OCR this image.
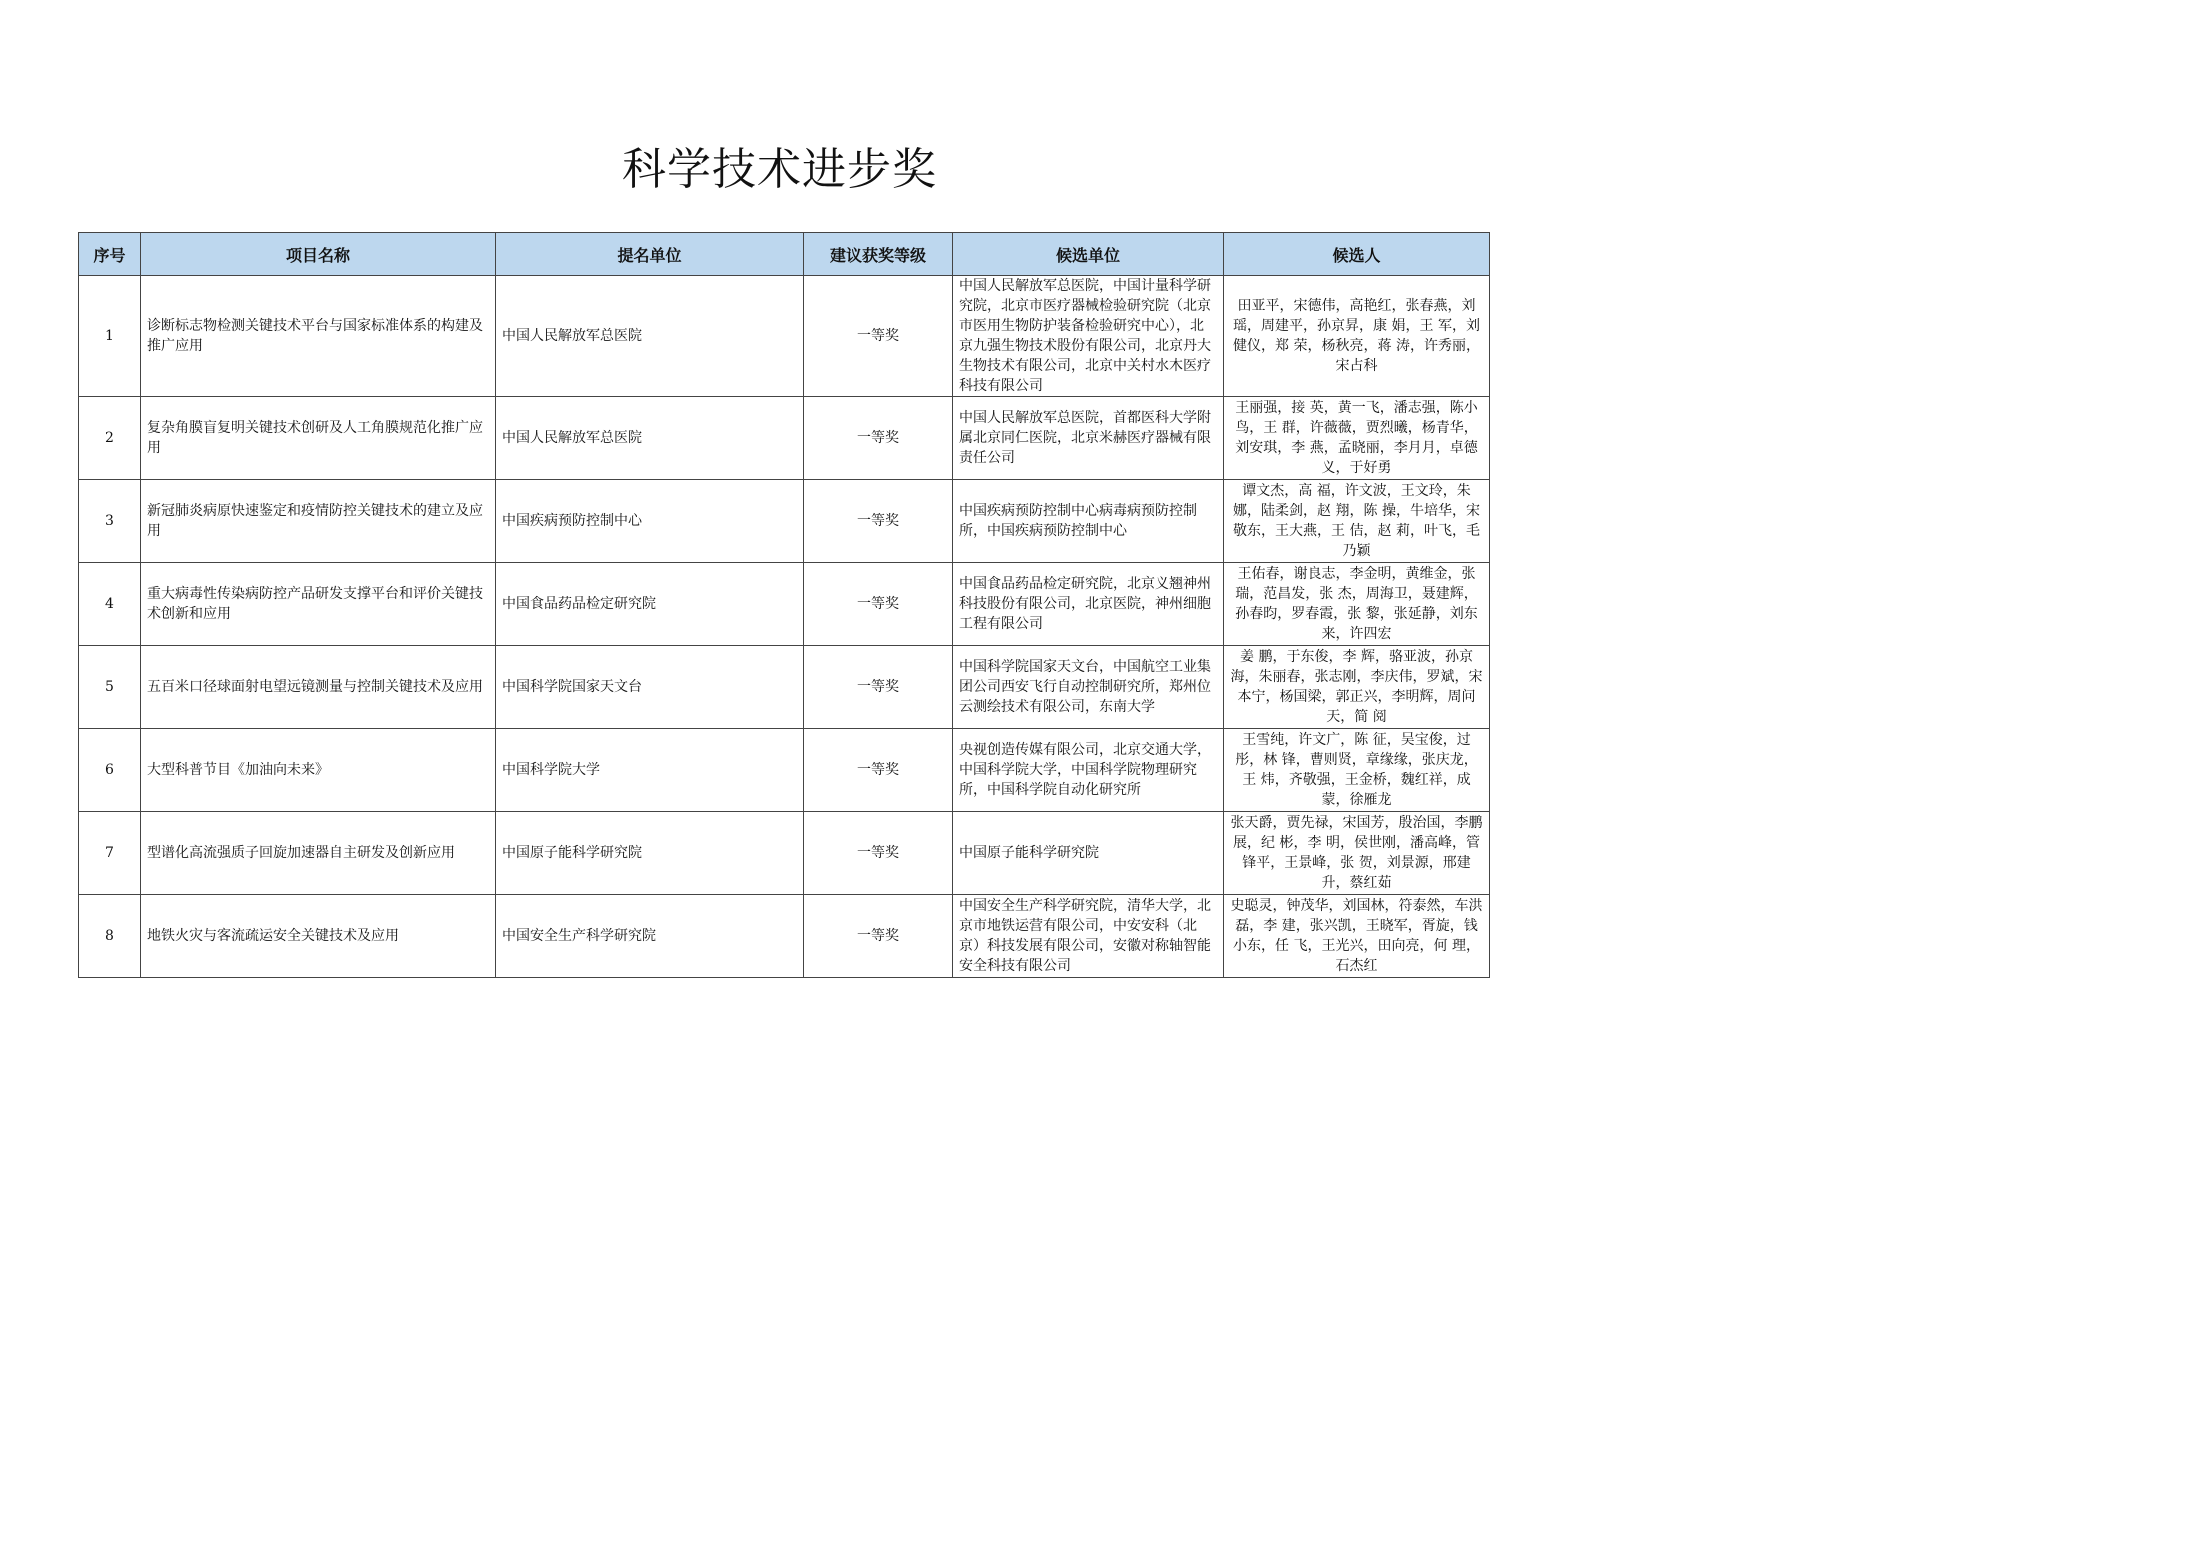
科学技术进步奖
序号	项目名称	提名单位	建议获奖等级	候选单位	候选人
1	诊断标志物检测关键技术平台与国家标准体系的构建及推广应用	中国人民解放军总医院	一等奖	中国人民解放军总医院，中国计量科学研究院，北京市医疗器械检验研究院（北京市医用生物防护装备检验研究中心），北京九强生物技术股份有限公司，北京丹大生物技术有限公司，北京中关村水木医疗科技有限公司	田亚平，宋德伟，高艳红，张春燕，刘瑶，周建平，孙京昇，康 娟，王 军，刘健仪，郑 荣，杨秋亮，蒋 涛，许秀丽，宋占科
2	复杂角膜盲复明关键技术创研及人工角膜规范化推广应用	中国人民解放军总医院	一等奖	中国人民解放军总医院，首都医科大学附属北京同仁医院，北京米赫医疗器械有限责任公司	王丽强，接 英，黄一飞，潘志强，陈小鸟，王 群，许薇薇，贾烈曦，杨青华，刘安琪，李 燕，孟晓丽，李月月，卓德义，于好勇
3	新冠肺炎病原快速鉴定和疫情防控关键技术的建立及应用	中国疾病预防控制中心	一等奖	中国疾病预防控制中心病毒病预防控制所，中国疾病预防控制中心	谭文杰，高 福，许文波，王文玲，朱娜，陆柔剑，赵 翔，陈 操，牛培华，宋敬东，王大燕，王 佶，赵 莉，叶飞，毛乃颖
4	重大病毒性传染病防控产品研发支撑平台和评价关键技术创新和应用	中国食品药品检定研究院	一等奖	中国食品药品检定研究院，北京义翘神州科技股份有限公司，北京医院，神州细胞工程有限公司	王佑春，谢良志，李金明，黄维金，张瑞，范昌发，张 杰，周海卫，聂建辉，孙春昀，罗春霞，张 黎，张延静，刘东来，许四宏
5	五百米口径球面射电望远镜测量与控制关键技术及应用	中国科学院国家天文台	一等奖	中国科学院国家天文台，中国航空工业集团公司西安飞行自动控制研究所，郑州位云测绘技术有限公司，东南大学	姜 鹏，于东俊，李 辉，骆亚波，孙京海，朱丽春，张志刚，李庆伟，罗斌，宋本宁，杨国梁，郭正兴，李明辉，周问天，简 阅
6	大型科普节目《加油向未来》	中国科学院大学	一等奖	央视创造传媒有限公司，北京交通大学，中国科学院大学，中国科学院物理研究所，中国科学院自动化研究所	王雪纯，许文广，陈 征，吴宝俊，过彤，林 锋，曹则贤，章缘缘，张庆龙，王 炜，齐敬强，王金桥，魏红祥，成蒙，徐雁龙
7	型谱化高流强质子回旋加速器自主研发及创新应用	中国原子能科学研究院	一等奖	中国原子能科学研究院	张天爵，贾先禄，宋国芳，殷治国，李鹏展，纪 彬，李 明，侯世刚，潘高峰，管锋平，王景峰，张 贺，刘景源，邢建升，蔡红茹
8	地铁火灾与客流疏运安全关键技术及应用	中国安全生产科学研究院	一等奖	中国安全生产科学研究院，清华大学，北京市地铁运营有限公司，中安安科（北京）科技发展有限公司，安徽对称轴智能安全科技有限公司	史聪灵，钟茂华，刘国林，符泰然，车洪磊，李 建，张兴凯，王晓军，胥旋，钱小东，任 飞，王光兴，田向亮，何 理，石杰红
